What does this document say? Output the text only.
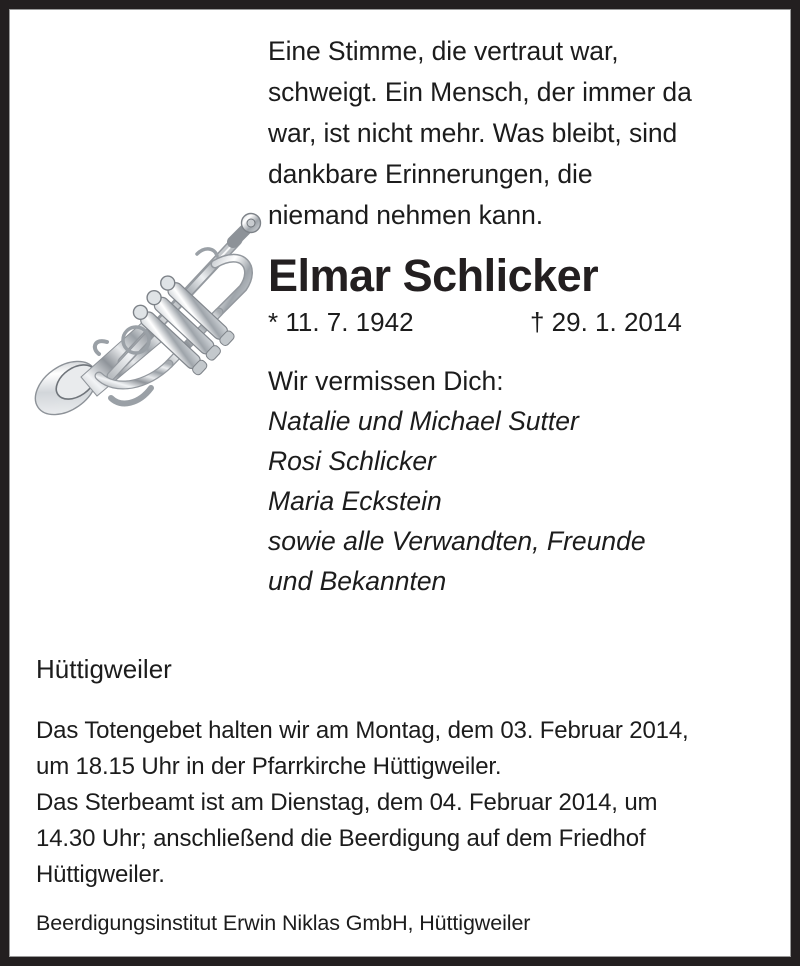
Eine Stimme, die vertraut war,
schweigt. Ein Mensch, der immer da
war, ist nicht mehr. Was bleibt, sind
dankbare Erinnerungen, die
niemand nehmen kann.
Elmar Schlicker
* 11. 7. 1942	† 29. 1. 2014
Wir vermissen Dich:
Natalie und Michael Sutter
Rosi Schlicker
Maria Eckstein
sowie alle Verwandten, Freunde
und Bekannten
Hüttigweiler
Das Totengebet halten wir am Montag, dem 03. Februar 2014,
um 18.15 Uhr in der Pfarrkirche Hüttigweiler.
Das Sterbeamt ist am Dienstag, dem 04. Februar 2014, um
14.30 Uhr; anschließend die Beerdigung auf dem Friedhof
Hüttigweiler.
Beerdigungsinstitut Erwin Niklas GmbH, Hüttigweiler
